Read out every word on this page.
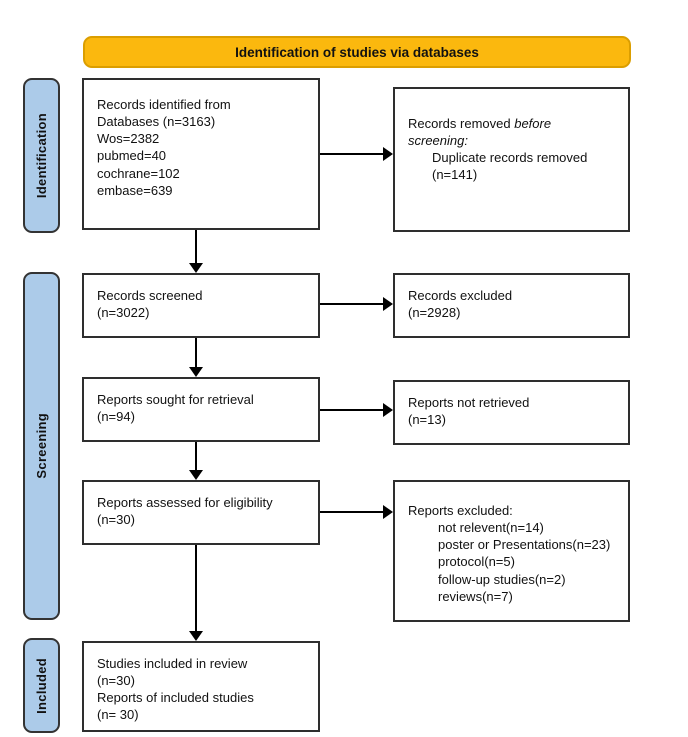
Identification of studies via databases
Identification
Screening
Included
Records identified from
Databases (n=3163)
Wos=2382
pubmed=40
cochrane=102
embase=639
Records removed before
screening:
Duplicate records removed
(n=141)
Records screened
(n=3022)
Records excluded
(n=2928)
Reports sought for retrieval
(n=94)
Reports not retrieved
(n=13)
Reports assessed for eligibility
(n=30)
Reports excluded:
not relevent(n=14)
poster or Presentations(n=23)
protocol(n=5)
follow-up studies(n=2)
reviews(n=7)
Studies included in review
(n=30)
Reports of included studies
(n= 30)
